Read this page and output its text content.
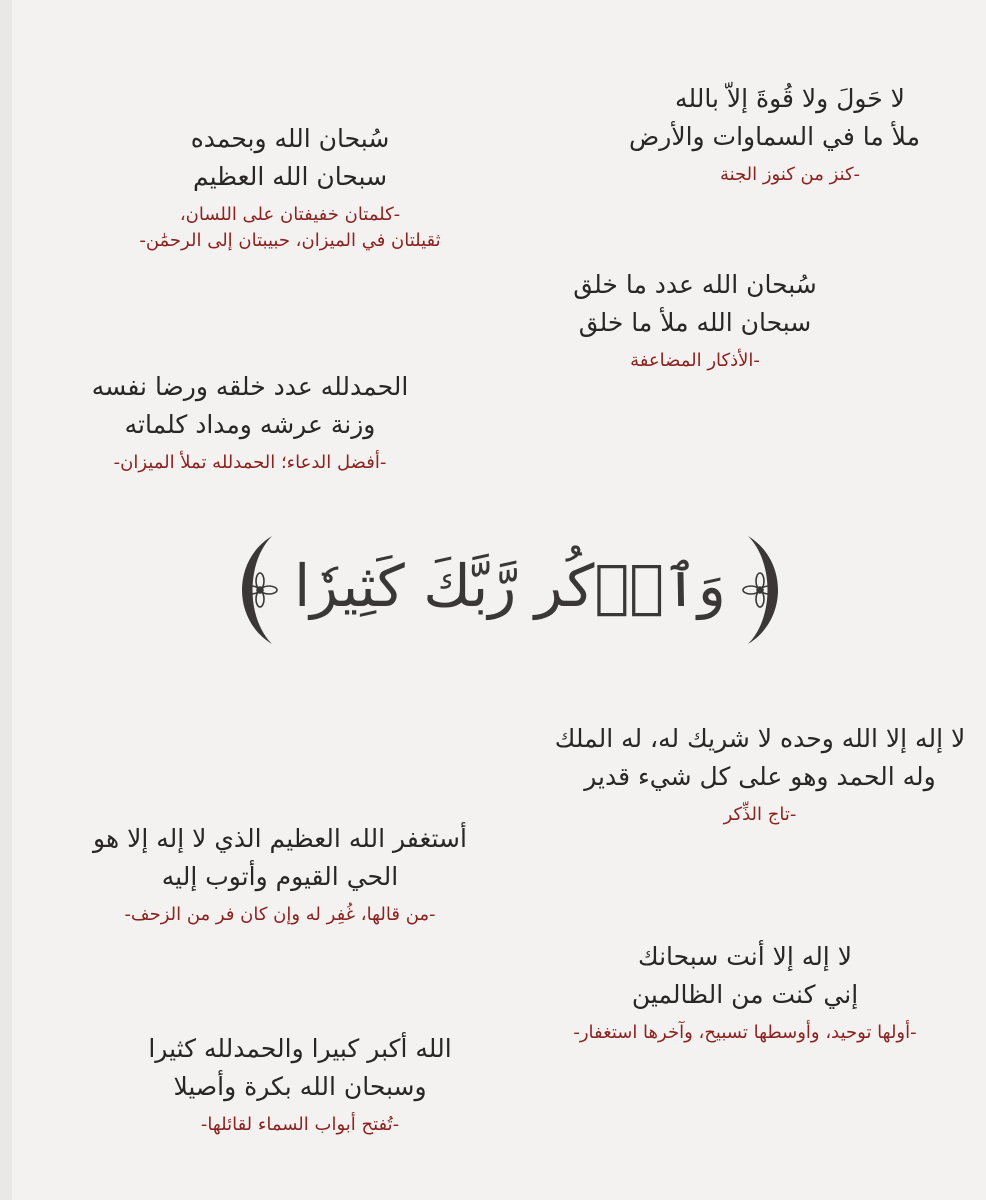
لا حَولَ ولا قُوةَ إلاّ بالله
ملأ ما في السماوات والأرض
-كنز من كنوز الجنة
سُبحان الله وبحمده
سبحان الله العظيم
-كلمتان خفيفتان على اللسان،
ثقيلتان في الميزان، حبيبتان إلى الرحمَٰن-
سُبحان الله عدد ما خلق
سبحان الله ملأ ما خلق
-الأذكار المضاعفة
الحمدلله عدد خلقه ورضا نفسه
وزنة عرشه ومداد كلماته
-أفضل الدعاء؛ الحمدلله تملأ الميزان-
وَٱذۡكُر رَّبَّكَ كَثِيرٗا
لا إله إلا الله وحده لا شريك له، له الملك
وله الحمد وهو على كل شيء قدير
-تاج الذِّكر
أستغفر الله العظيم الذي لا إله إلا هو
الحي القيوم وأتوب إليه
-من قالها، غُفِر له وإن كان فر من الزحف-
لا إله إلا أنت سبحانك
إني كنت من الظالمين
-أولها توحيد، وأوسطها تسبيح، وآخرها استغفار-
الله أكبر كبيرا والحمدلله كثيرا
وسبحان الله بكرة وأصيلا
-تُفتح أبواب السماء لقائلها-
